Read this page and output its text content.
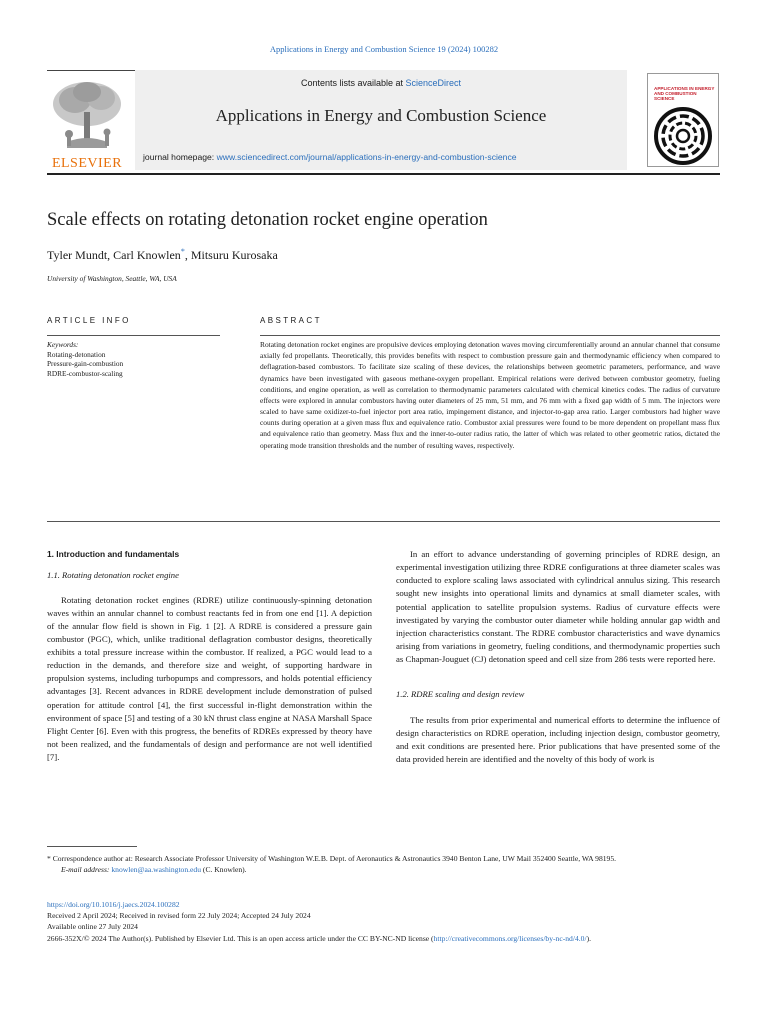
Applications in Energy and Combustion Science 19 (2024) 100282
ELSEVIER
Contents lists available at ScienceDirect
Applications in Energy and Combustion Science
journal homepage: www.sciencedirect.com/journal/applications-in-energy-and-combustion-science
APPLICATIONS IN ENERGY AND COMBUSTION SCIENCE
Scale effects on rotating detonation rocket engine operation
Tyler Mundt, Carl Knowlen*, Mitsuru Kurosaka
University of Washington, Seattle, WA, USA
ARTICLE INFO	ABSTRACT
Keywords:
Rotating-detonation
Pressure-gain-combustion
RDRE-combustor-scaling
Rotating detonation rocket engines are propulsive devices employing detonation waves moving circumferentially around an annular channel that consume axially fed propellants. Theoretically, this provides benefits with respect to combustion pressure gain and thermodynamic efficiency when compared to deflagration-based combustors. To facilitate size scaling of these devices, the relationships between geometric parameters, performance, and wave dynamics have been investigated with gaseous methane-oxygen propellant. Empirical relations were derived between combustor geometry, fueling conditions, and engine operation, as well as correlation to thermodynamic parameters calculated with chemical kinetics codes. The radius of curvature effects were explored in annular combustors having outer diameters of 25 mm, 51 mm, and 76 mm with a fixed gap width of 5 mm. The injectors were scaled to have same oxidizer-to-fuel injector port area ratio, impingement distance, and injector-to-gap area ratio. Larger combustors had higher wave counts during operation at a given mass flux and equivalence ratio. Combustor axial pressures were found to be more dependent on propellant mass flux and equivalence ratio than geometry. Mass flux and the inner-to-outer radius ratio, the latter of which was related to other geometric ratios, dictated the operating mode transition thresholds and the number of resulting waves, respectively.
1. Introduction and fundamentals
1.1. Rotating detonation rocket engine

Rotating detonation rocket engines (RDRE) utilize continuously-spinning detonation waves within an annular channel to combust reactants fed in from one end [1]. A depiction of the annular flow field is shown in Fig. 1 [2]. A RDRE is considered a pressure gain combustor (PGC), which, unlike traditional deflagration combustor designs, theoretically exhibits a total pressure increase within the combustor. If realized, a PGC would lead to a reduction in the demands, and therefore size and weight, of supporting hardware in propulsion systems, including turbopumps and compressors, and holds potential efficiency advantages [3]. Recent advances in RDRE development include demonstration of pulsed operation for attitude control [4], the first successful in-flight demonstration within the environment of space [5] and testing of a 30 kN thrust class engine at NASA Marshall Space Flight Center [6]. Even with this progress, the benefits of RDREs expressed by theory have not been realized, and the fundamentals of design and performance are not well identified [7].

In an effort to advance understanding of governing principles of RDRE design, an experimental investigation utilizing three RDRE configurations at three diameter scales was conducted to explore scaling laws associated with cylindrical annulus sizing. This research sought new insights into operational limits and dynamics at small diameter scales, with potential application to satellite propulsion systems. Radius of curvature effects were investigated by varying the combustor outer diameter while holding annular gap width and injection characteristics constant. The RDRE combustor characteristics and wave dynamics arising from variations in geometry, fueling conditions, and thermodynamic properties such as Chapman-Jouguet (CJ) detonation speed and cell size from 286 tests were reported here.

1.2. RDRE scaling and design review

The results from prior experimental and numerical efforts to determine the influence of design characteristics on RDRE operation, including injection design, combustor geometry, and exit conditions are presented here. Prior publications that have presented some of the data provided herein are identified and the novelty of this body of work is

* Correspondence author at: Research Associate Professor University of Washington W.E.B. Dept. of Aeronautics & Astronautics 3940 Benton Lane, UW Mail 352400 Seattle, WA 98195.
E-mail address: knowlen@aa.washington.edu (C. Knowlen).
https://doi.org/10.1016/j.jaecs.2024.100282
Received 2 April 2024; Received in revised form 22 July 2024; Accepted 24 July 2024
Available online 27 July 2024
2666-352X/© 2024 The Author(s). Published by Elsevier Ltd. This is an open access article under the CC BY-NC-ND license (http://creativecommons.org/licenses/by-nc-nd/4.0/).
